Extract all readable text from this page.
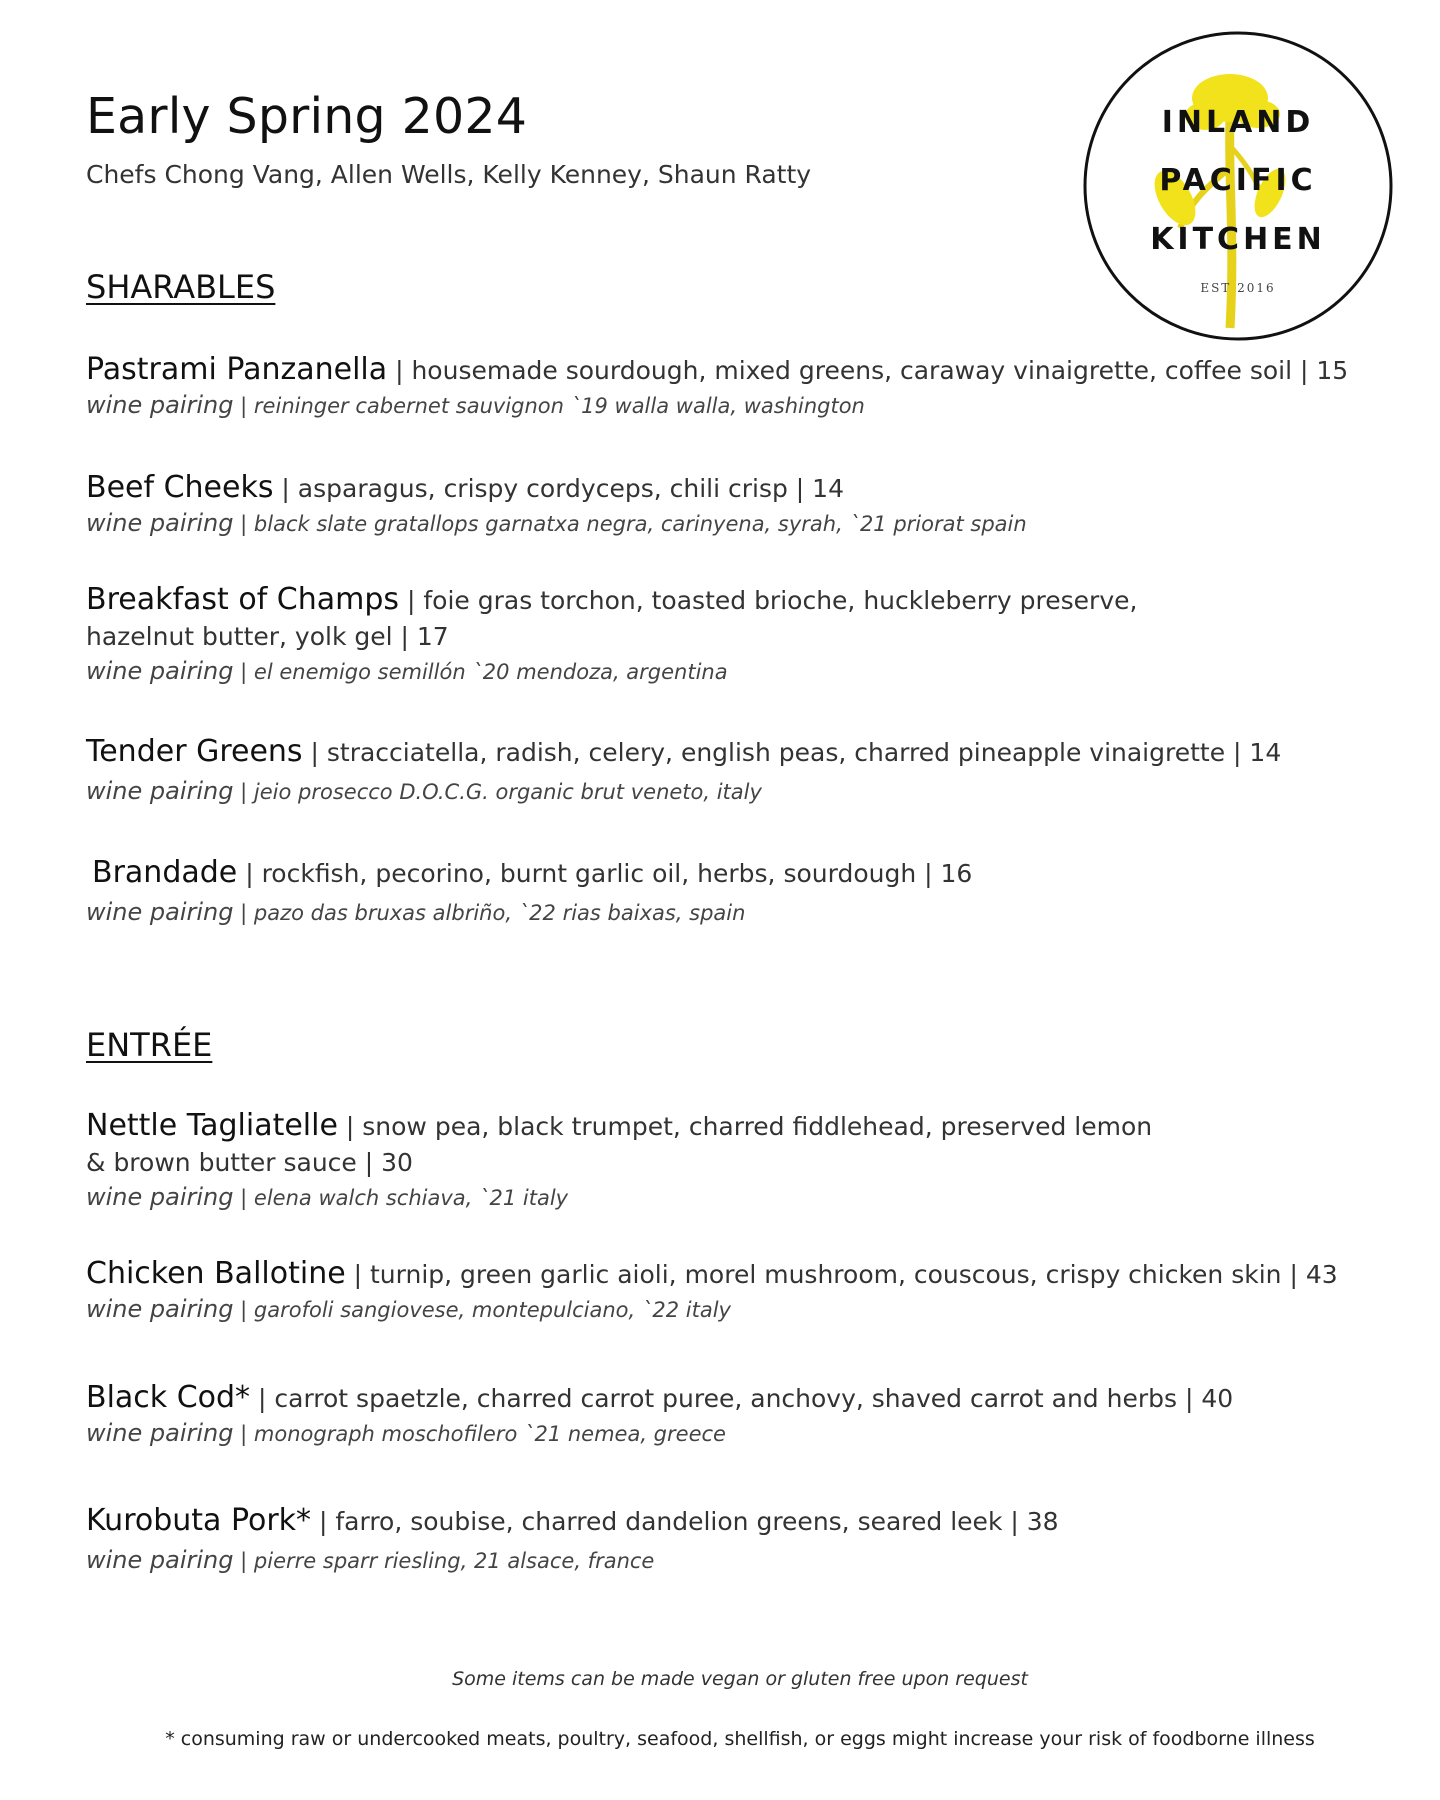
Early Spring 2024
Chefs Chong Vang, Allen Wells, Kelly Kenney, Shaun Ratty
INLAND
PACIFIC
KITCHEN
EST 2016
SHARABLES
Pastrami Panzanella | housemade sourdough, mixed greens, caraway vinaigrette, coffee soil | 15
wine pairing | reininger cabernet sauvignon `19 walla walla, washington
Beef Cheeks | asparagus, crispy cordyceps, chili crisp | 14
wine pairing | black slate gratallops garnatxa negra, carinyena, syrah, `21 priorat spain
Breakfast of Champs | foie gras torchon, toasted brioche, huckleberry preserve,
hazelnut butter, yolk gel | 17
wine pairing | el enemigo semillón `20 mendoza, argentina
Tender Greens | stracciatella, radish, celery, english peas, charred pineapple vinaigrette | 14
wine pairing | jeio prosecco D.O.C.G. organic brut veneto, italy
Brandade | rockfish, pecorino, burnt garlic oil, herbs, sourdough | 16
wine pairing | pazo das bruxas albriño, `22 rias baixas, spain
ENTRÉE
Nettle Tagliatelle | snow pea, black trumpet, charred fiddlehead, preserved lemon
& brown butter sauce | 30
wine pairing | elena walch schiava, `21 italy
Chicken Ballotine | turnip, green garlic aioli, morel mushroom, couscous, crispy chicken skin | 43
wine pairing | garofoli sangiovese, montepulciano, `22 italy
Black Cod* | carrot spaetzle, charred carrot puree, anchovy, shaved carrot and herbs | 40
wine pairing | monograph moschofilero `21 nemea, greece
Kurobuta Pork* | farro, soubise, charred dandelion greens, seared leek | 38
wine pairing | pierre sparr riesling, 21 alsace, france
Some items can be made vegan or gluten free upon request
* consuming raw or undercooked meats, poultry, seafood, shellfish, or eggs might increase your risk of foodborne illness
